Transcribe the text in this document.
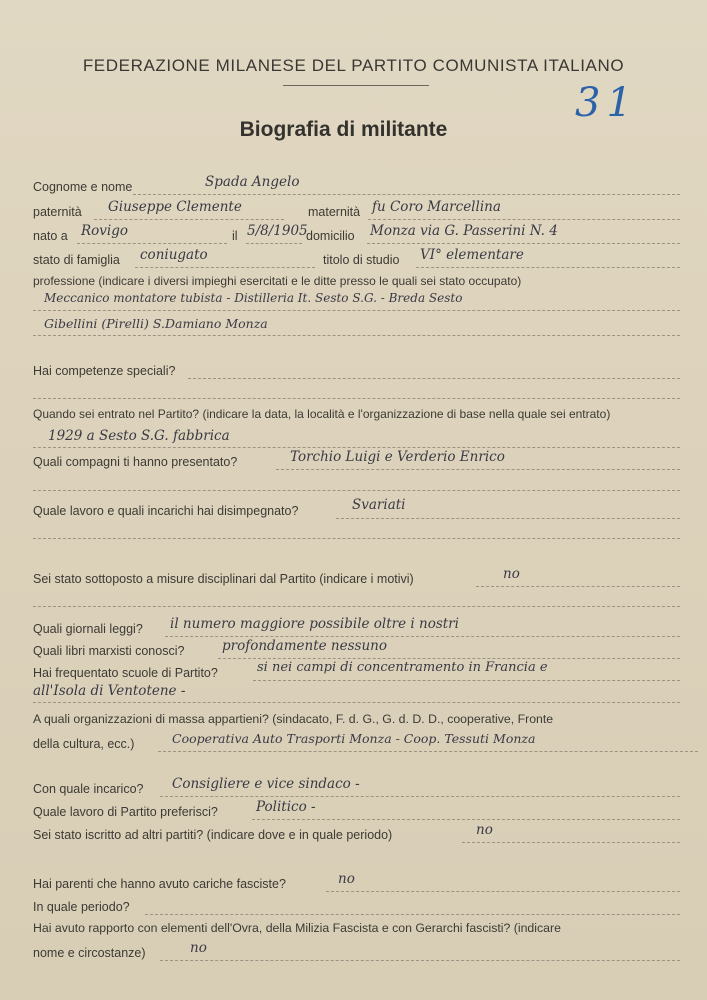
FEDERAZIONE MILANESE DEL PARTITO COMUNISTA ITALIANO
31
Biografia di militante
Cognome e nome	Spada Angelo
paternità Giuseppe Clemente	maternità fu Coro Marcellina
nato a Rovigo	il 5/8/1905
domicilio Monza via G. Passerini N. 4
stato di famiglia coniugato	titolo di studio VI° elementare
professione (indicare i diversi impieghi esercitati e le ditte presso le quali sei stato occupato)
Meccanico montatore tubista - Distilleria It. Sesto S.G. - Breda Sesto
Gibellini (Pirelli) S.Damiano Monza
Hai competenze speciali?
Quando sei entrato nel Partito? (indicare la data, la località e l'organizzazione di base nella quale sei entrato)
1929 a Sesto S.G. fabbrica
Quali compagni ti hanno presentato?	Torchio Luigi e Verderio Enrico
Quale lavoro e quali incarichi hai disimpegnato?	Svariati
Sei stato sottoposto a misure disciplinari dal Partito (indicare i motivi)	no
Quali giornali leggi? il numero maggiore possibile oltre i nostri
Quali libri marxisti conosci?	profondamente nessuno
Hai frequentato scuole di Partito?	si nei campi di concentramento in Francia e
all'Isola di Ventotene -
A quali organizzazioni di massa appartieni? (sindacato, F. d. G., G. d. D. D., cooperative, Fronte
della cultura, ecc.)	Cooperativa Auto Trasporti Monza - Coop. Tessuti Monza
Con quale incarico? Consigliere e vice sindaco -
Quale lavoro di Partito preferisci?	Politico -
Sei stato iscritto ad altri partiti? (indicare dove e in quale periodo)	no
Hai parenti che hanno avuto cariche fasciste?	no
In quale periodo?
Hai avuto rapporto con elementi dell'Ovra, della Milizia Fascista e con Gerarchi fascisti? (indicare
nome e circostanze)	no
